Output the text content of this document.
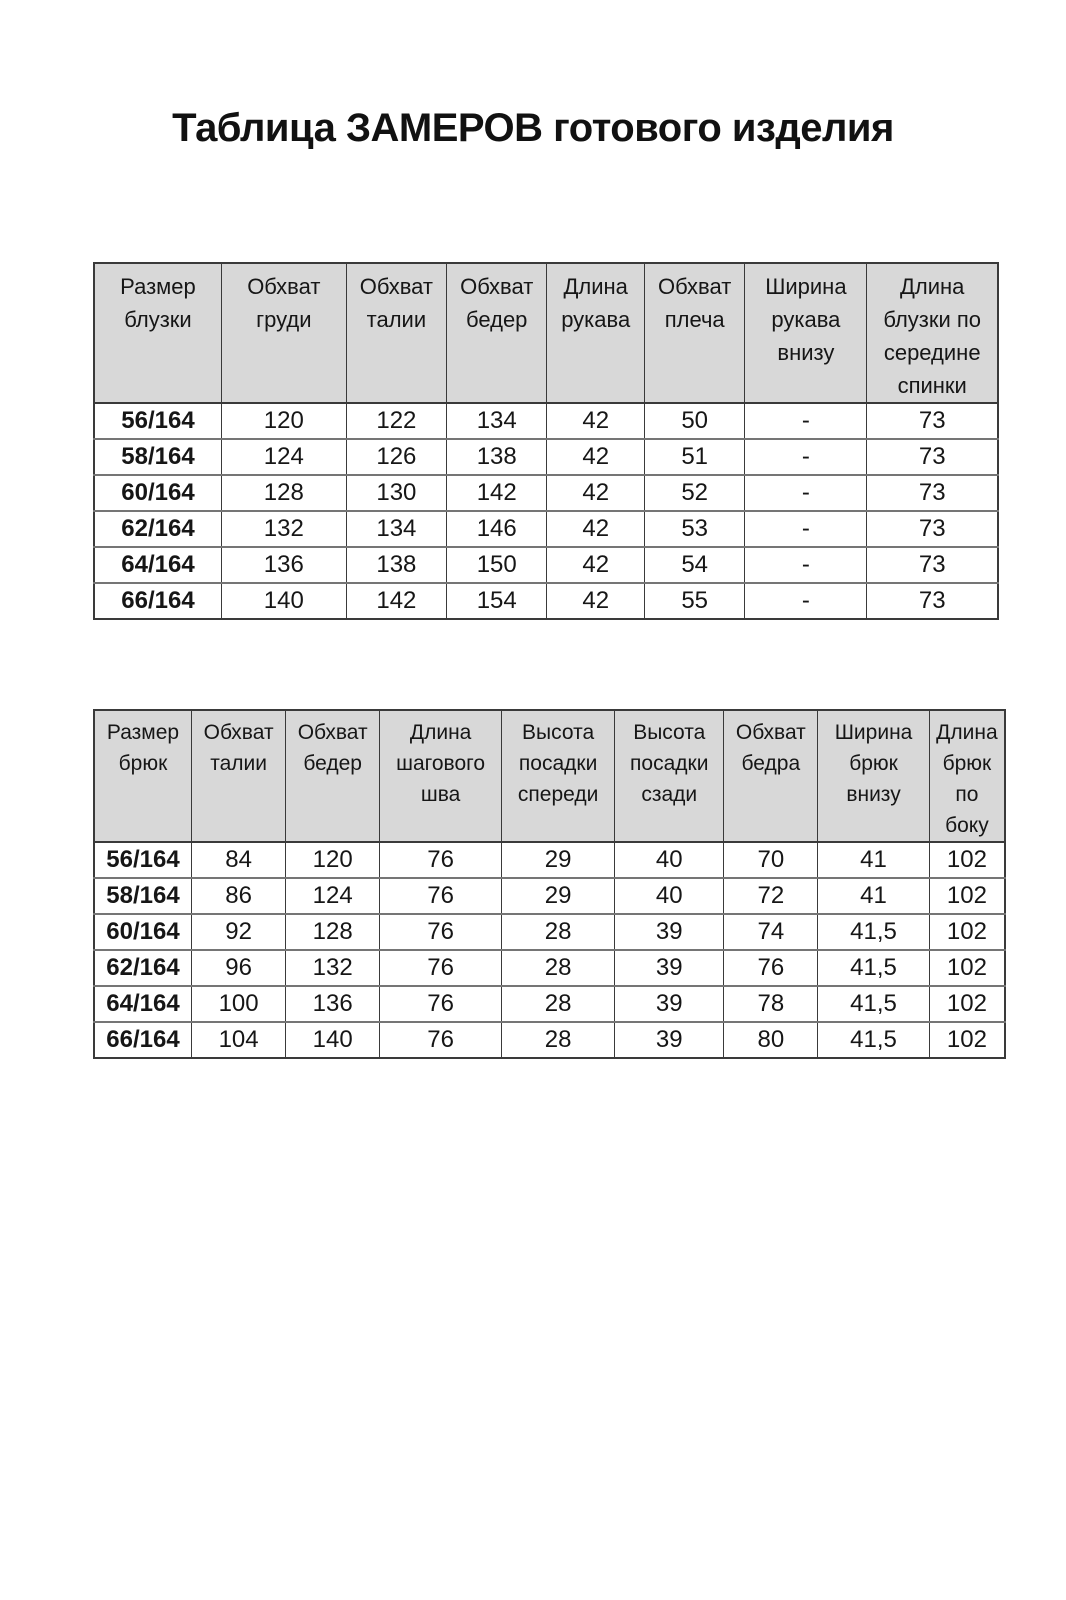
Таблица ЗАМЕРОВ готового изделия
Размер блузки	Обхват груди	Обхват талии	Обхват бедер	Длина рукава	Обхват плеча	Ширина рукава внизу	Длина блузки по середине спинки
56/164	120	122	134	42	50	-	73
58/164	124	126	138	42	51	-	73
60/164	128	130	142	42	52	-	73
62/164	132	134	146	42	53	-	73
64/164	136	138	150	42	54	-	73
66/164	140	142	154	42	55	-	73
Размер брюк	Обхват талии	Обхват бедер	Длина шагового шва	Высота посадки спереди	Высота посадки сзади	Обхват бедра	Ширина брюк внизу	Длина брюк по боку
56/164	84	120	76	29	40	70	41	102
58/164	86	124	76	29	40	72	41	102
60/164	92	128	76	28	39	74	41,5	102
62/164	96	132	76	28	39	76	41,5	102
64/164	100	136	76	28	39	78	41,5	102
66/164	104	140	76	28	39	80	41,5	102
